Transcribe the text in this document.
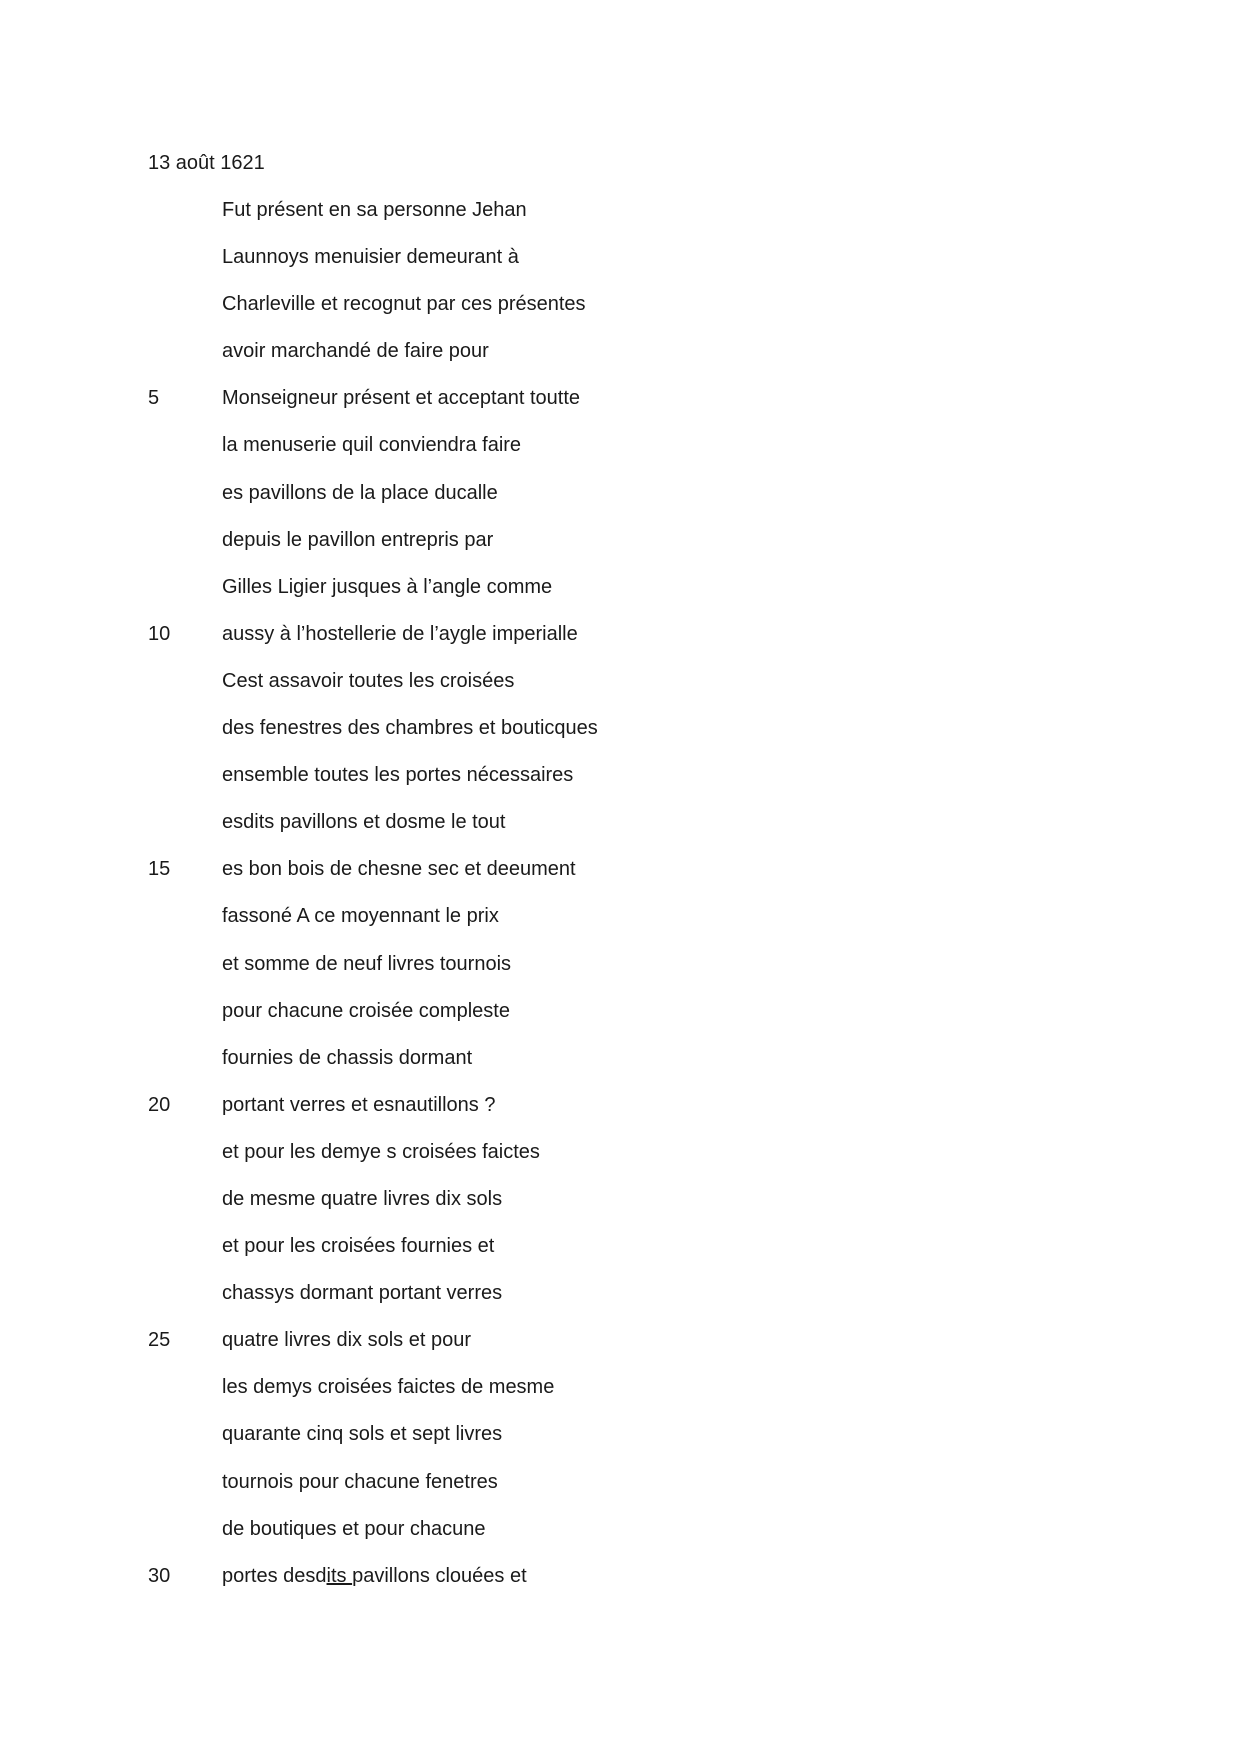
13 août 1621
Fut présent en sa personne Jehan
Launnoys menuisier demeurant à
Charleville et recognut par ces présentes
avoir marchandé de faire pour
5	Monseigneur présent et acceptant toutte
la menuserie quil conviendra faire
es pavillons de la place ducalle
depuis le pavillon entrepris par
Gilles Ligier jusques à l’angle comme
10	aussy à l’hostellerie de l’aygle imperialle
Cest assavoir toutes les croisées
des fenestres des chambres et bouticques
ensemble toutes les portes nécessaires
esdits pavillons et dosme le tout
15	es bon bois de chesne sec et deeument
fassoné A ce moyennant le prix
et somme de neuf livres tournois
pour chacune croisée compleste
fournies de chassis dormant
20	portant verres et esnautillons ?
et pour les demye s croisées faictes
de mesme quatre livres dix sols
et pour les croisées fournies et
chassys dormant portant verres
25	quatre livres dix sols et pour
les demys croisées faictes de mesme
quarante cinq sols et sept livres
tournois pour chacune fenetres
de boutiques et pour chacune
30	portes desdits pavillons clouées et
